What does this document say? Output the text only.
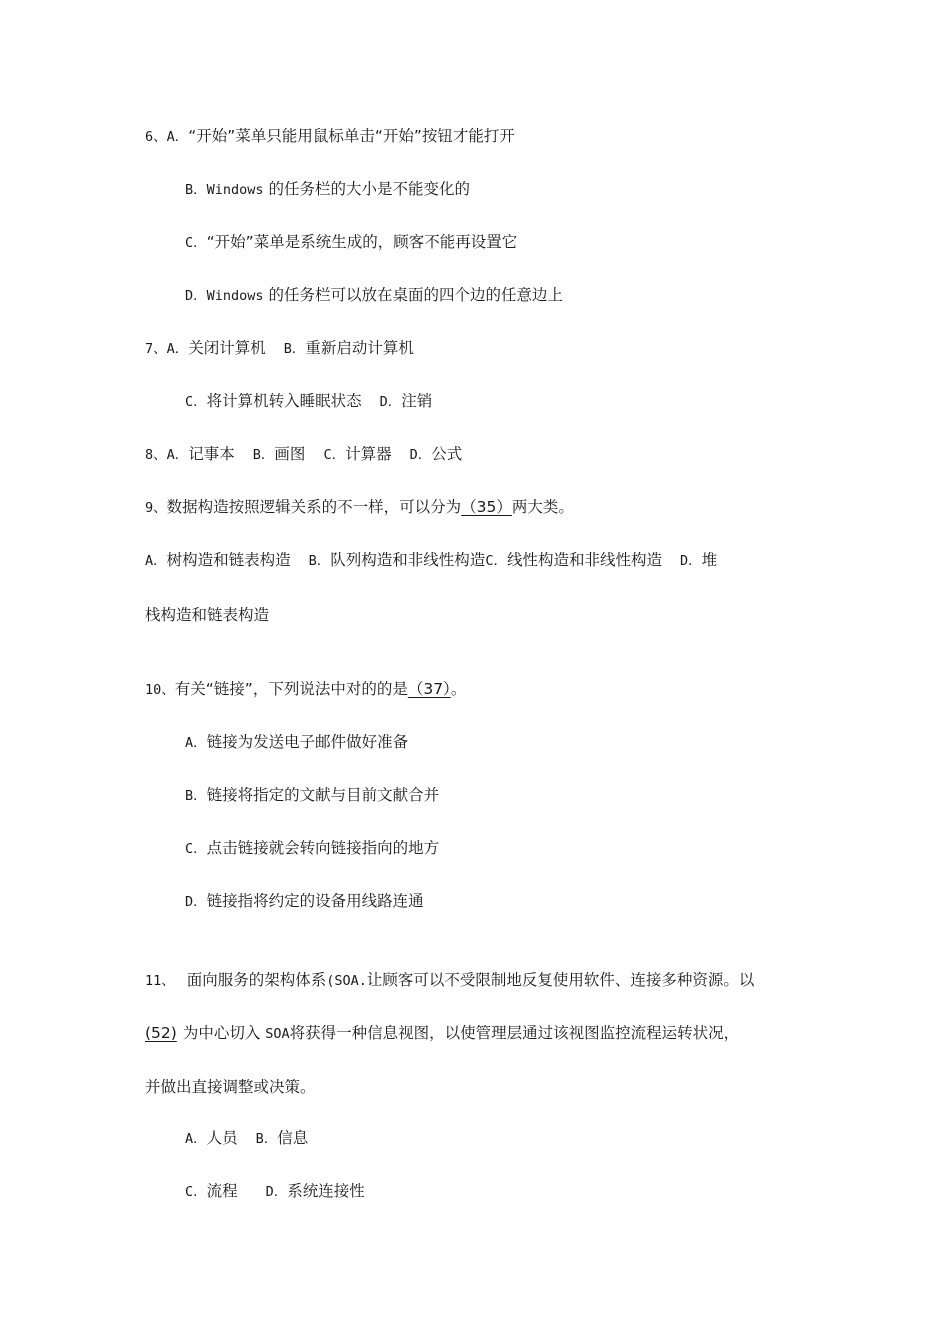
6、A．“开始”菜单只能用鼠标单击“开始”按钮才能打开
B．Windows 的任务栏的大小是不能变化的
C．“开始”菜单是系统生成的，顾客不能再设置它
D．Windows 的任务栏可以放在桌面的四个边的任意边上
7、A．关闭计算机 B．重新启动计算机
C．将计算机转入睡眠状态 D．注销
8、A．记事本 B．画图 C．计算器 D．公式
9、数据构造按照逻辑关系的不一样，可以分为（35）两大类。
A．树构造和链表构造 B．队列构造和非线性构造C．线性构造和非线性构造 D．堆
栈构造和链表构造
10、有关“链接”，下列说法中对的的是（37）。
A．链接为发送电子邮件做好准备
B．链接将指定的文献与目前文献合并
C．点击链接就会转向链接指向的地方
D．链接指将约定的设备用线路连通
11、 面向服务的架构体系(SOA.让顾客可以不受限制地反复使用软件、连接多种资源。以
(52) 为中心切入 SOA将获得一种信息视图，以使管理层通过该视图监控流程运转状况，
并做出直接调整或决策。
A．人员 B．信息
C．流程 D．系统连接性
